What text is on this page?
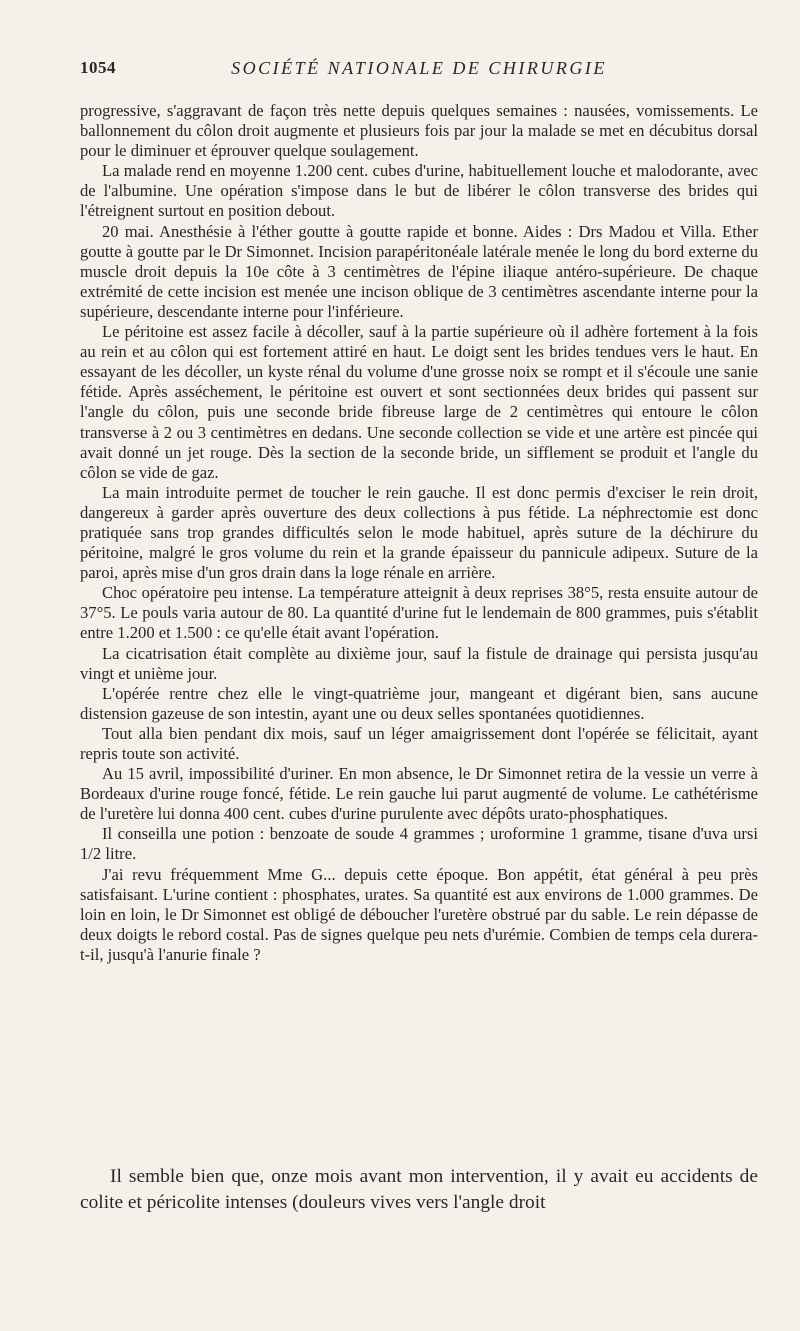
1054	SOCIÉTÉ NATIONALE DE CHIRURGIE

progressive, s'aggravant de façon très nette depuis quelques semaines : nausées, vomissements. Le ballonnement du côlon droit augmente et plusieurs fois par jour la malade se met en décubitus dorsal pour le diminuer et éprouver quelque soulagement.

La malade rend en moyenne 1.200 cent. cubes d'urine, habituellement louche et malodorante, avec de l'albumine. Une opération s'impose dans le but de libérer le côlon transverse des brides qui l'étreignent surtout en position debout.

20 mai. Anesthésie à l'éther goutte à goutte rapide et bonne. Aides : Drs Madou et Villa. Ether goutte à goutte par le Dr Simonnet. Incision parapéritonéale latérale menée le long du bord externe du muscle droit depuis la 10e côte à 3 centimètres de l'épine iliaque antéro-supérieure. De chaque extrémité de cette incision est menée une incison oblique de 3 centimètres ascendante interne pour la supérieure, descendante interne pour l'inférieure.

Le péritoine est assez facile à décoller, sauf à la partie supérieure où il adhère fortement à la fois au rein et au côlon qui est fortement attiré en haut. Le doigt sent les brides tendues vers le haut. En essayant de les décoller, un kyste rénal du volume d'une grosse noix se rompt et il s'écoule une sanie fétide. Après asséchement, le péritoine est ouvert et sont sectionnées deux brides qui passent sur l'angle du côlon, puis une seconde bride fibreuse large de 2 centimètres qui entoure le côlon transverse à 2 ou 3 centimètres en dedans. Une seconde collection se vide et une artère est pincée qui avait donné un jet rouge. Dès la section de la seconde bride, un sifflement se produit et l'angle du côlon se vide de gaz.

La main introduite permet de toucher le rein gauche. Il est donc permis d'exciser le rein droit, dangereux à garder après ouverture des deux collections à pus fétide. La néphrectomie est donc pratiquée sans trop grandes difficultés selon le mode habituel, après suture de la déchirure du péritoine, malgré le gros volume du rein et la grande épaisseur du pannicule adipeux. Suture de la paroi, après mise d'un gros drain dans la loge rénale en arrière.

Choc opératoire peu intense. La température atteignit à deux reprises 38°5, resta ensuite autour de 37°5. Le pouls varia autour de 80. La quantité d'urine fut le lendemain de 800 grammes, puis s'établit entre 1.200 et 1.500 : ce qu'elle était avant l'opération.

La cicatrisation était complète au dixième jour, sauf la fistule de drainage qui persista jusqu'au vingt et unième jour.

L'opérée rentre chez elle le vingt-quatrième jour, mangeant et digérant bien, sans aucune distension gazeuse de son intestin, ayant une ou deux selles spontanées quotidiennes.

Tout alla bien pendant dix mois, sauf un léger amaigrissement dont l'opérée se félicitait, ayant repris toute son activité.

Au 15 avril, impossibilité d'uriner. En mon absence, le Dr Simonnet retira de la vessie un verre à Bordeaux d'urine rouge foncé, fétide. Le rein gauche lui parut augmenté de volume. Le cathétérisme de l'uretère lui donna 400 cent. cubes d'urine purulente avec dépôts urato-phosphatiques.

Il conseilla une potion : benzoate de soude 4 grammes ; uroformine 1 gramme, tisane d'uva ursi 1/2 litre.

J'ai revu fréquemment Mme G... depuis cette époque. Bon appétit, état général à peu près satisfaisant. L'urine contient : phosphates, urates. Sa quantité est aux environs de 1.000 grammes. De loin en loin, le Dr Simonnet est obligé de déboucher l'uretère obstrué par du sable. Le rein dépasse de deux doigts le rebord costal. Pas de signes quelque peu nets d'urémie. Combien de temps cela durera-t-il, jusqu'à l'anurie finale ?

Il semble bien que, onze mois avant mon intervention, il y avait eu accidents de colite et péricolite intenses (douleurs vives vers l'angle droit
